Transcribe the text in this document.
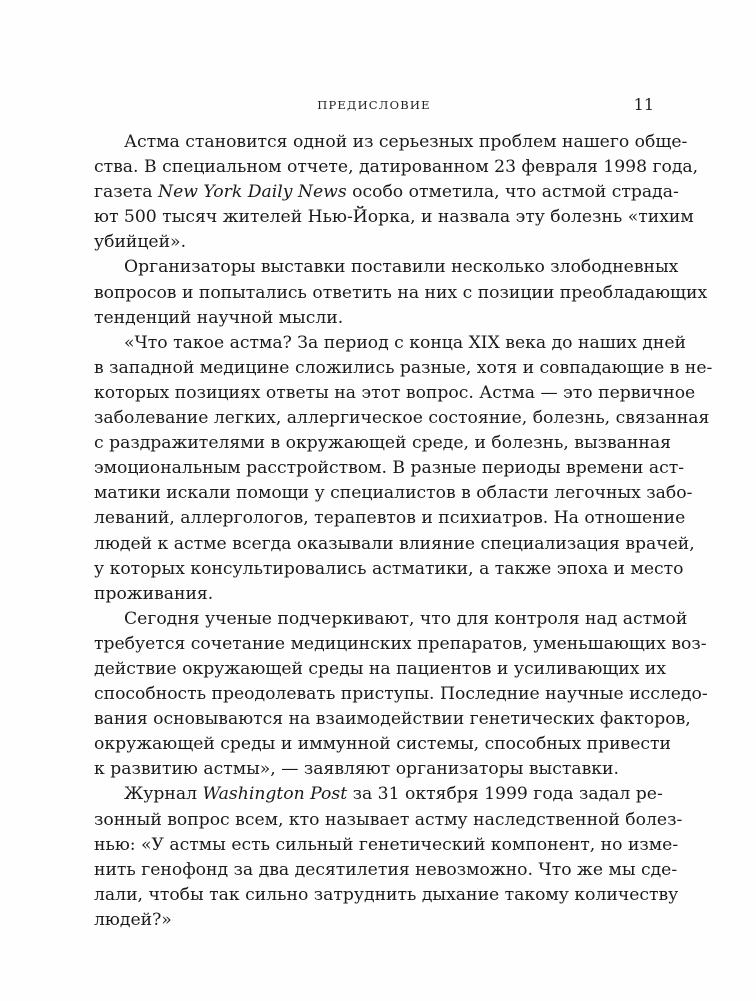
ПРЕДИСЛОВИЕ	11
Астма становится одной из серьезных проблем нашего обще-
ства. В специальном отчете, датированном 23 февраля 1998 года,
газета New York Daily News особо отметила, что астмой страда-
ют 500 тысяч жителей Нью-Йорка, и назвала эту болезнь «тихим
убийцей».
Организаторы выставки поставили несколько злободневных
вопросов и попытались ответить на них с позиции преобладающих
тенденций научной мысли.
«Что такое астма? За период с конца XIX века до наших дней
в западной медицине сложились разные, хотя и совпадающие в не-
которых позициях ответы на этот вопрос. Астма — это первичное
заболевание легких, аллергическое состояние, болезнь, связанная
с раздражителями в окружающей среде, и болезнь, вызванная
эмоциональным расстройством. В разные периоды времени аст-
матики искали помощи у специалистов в области легочных забо-
леваний, аллергологов, терапевтов и психиатров. На отношение
людей к астме всегда оказывали влияние специализация врачей,
у которых консультировались астматики, а также эпоха и место
проживания.
Сегодня ученые подчеркивают, что для контроля над астмой
требуется сочетание медицинских препаратов, уменьшающих воз-
действие окружающей среды на пациентов и усиливающих их
способность преодолевать приступы. Последние научные исследо-
вания основываются на взаимодействии генетических факторов,
окружающей среды и иммунной системы, способных привести
к развитию астмы», — заявляют организаторы выставки.
Журнал Washington Post за 31 октября 1999 года задал ре-
зонный вопрос всем, кто называет астму наследственной болез-
нью: «У астмы есть сильный генетический компонент, но изме-
нить генофонд за два десятилетия невозможно. Что же мы сде-
лали, чтобы так сильно затруднить дыхание такому количеству
людей?»
